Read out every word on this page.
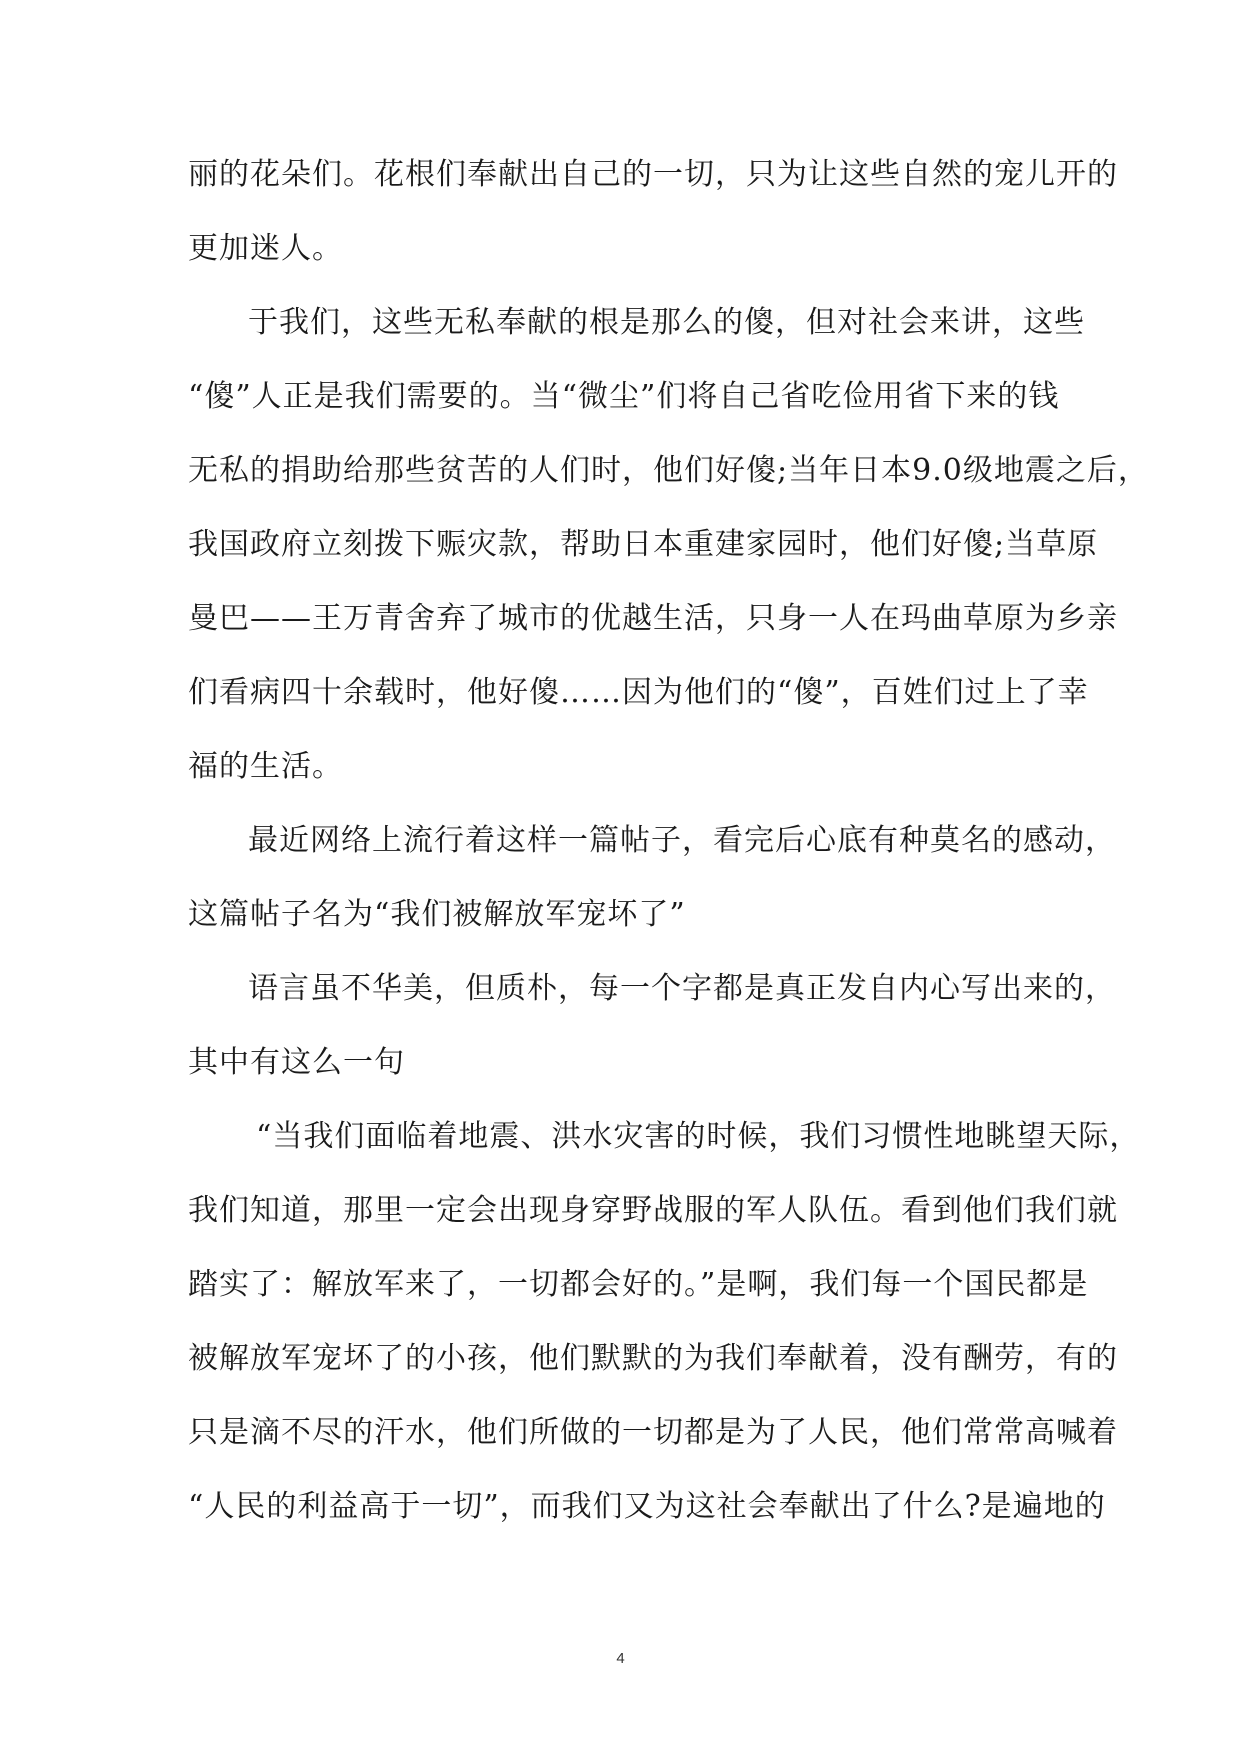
丽的花朵们。花根们奉献出自己的一切，只为让这些自然的宠儿开的
更加迷人。
于我们，这些无私奉献的根是那么的傻，但对社会来讲，这些
“傻”人正是我们需要的。当“微尘”们将自己省吃俭用省下来的钱
无私的捐助给那些贫苦的人们时，他们好傻;当年日本9.0级地震之后，
我国政府立刻拨下赈灾款，帮助日本重建家园时，他们好傻;当草原
曼巴——王万青舍弃了城市的优越生活，只身一人在玛曲草原为乡亲
们看病四十余载时，他好傻……因为他们的“傻”，百姓们过上了幸
福的生活。
最近网络上流行着这样一篇帖子，看完后心底有种莫名的感动，
这篇帖子名为“我们被解放军宠坏了”
语言虽不华美，但质朴，每一个字都是真正发自内心写出来的，
其中有这么一句
“当我们面临着地震、洪水灾害的时候，我们习惯性地眺望天际，
我们知道，那里一定会出现身穿野战服的军人队伍。看到他们我们就
踏实了：解放军来了，一切都会好的。”是啊，我们每一个国民都是
被解放军宠坏了的小孩，他们默默的为我们奉献着，没有酬劳，有的
只是滴不尽的汗水，他们所做的一切都是为了人民，他们常常高喊着
“人民的利益高于一切”，而我们又为这社会奉献出了什么?是遍地的
4
